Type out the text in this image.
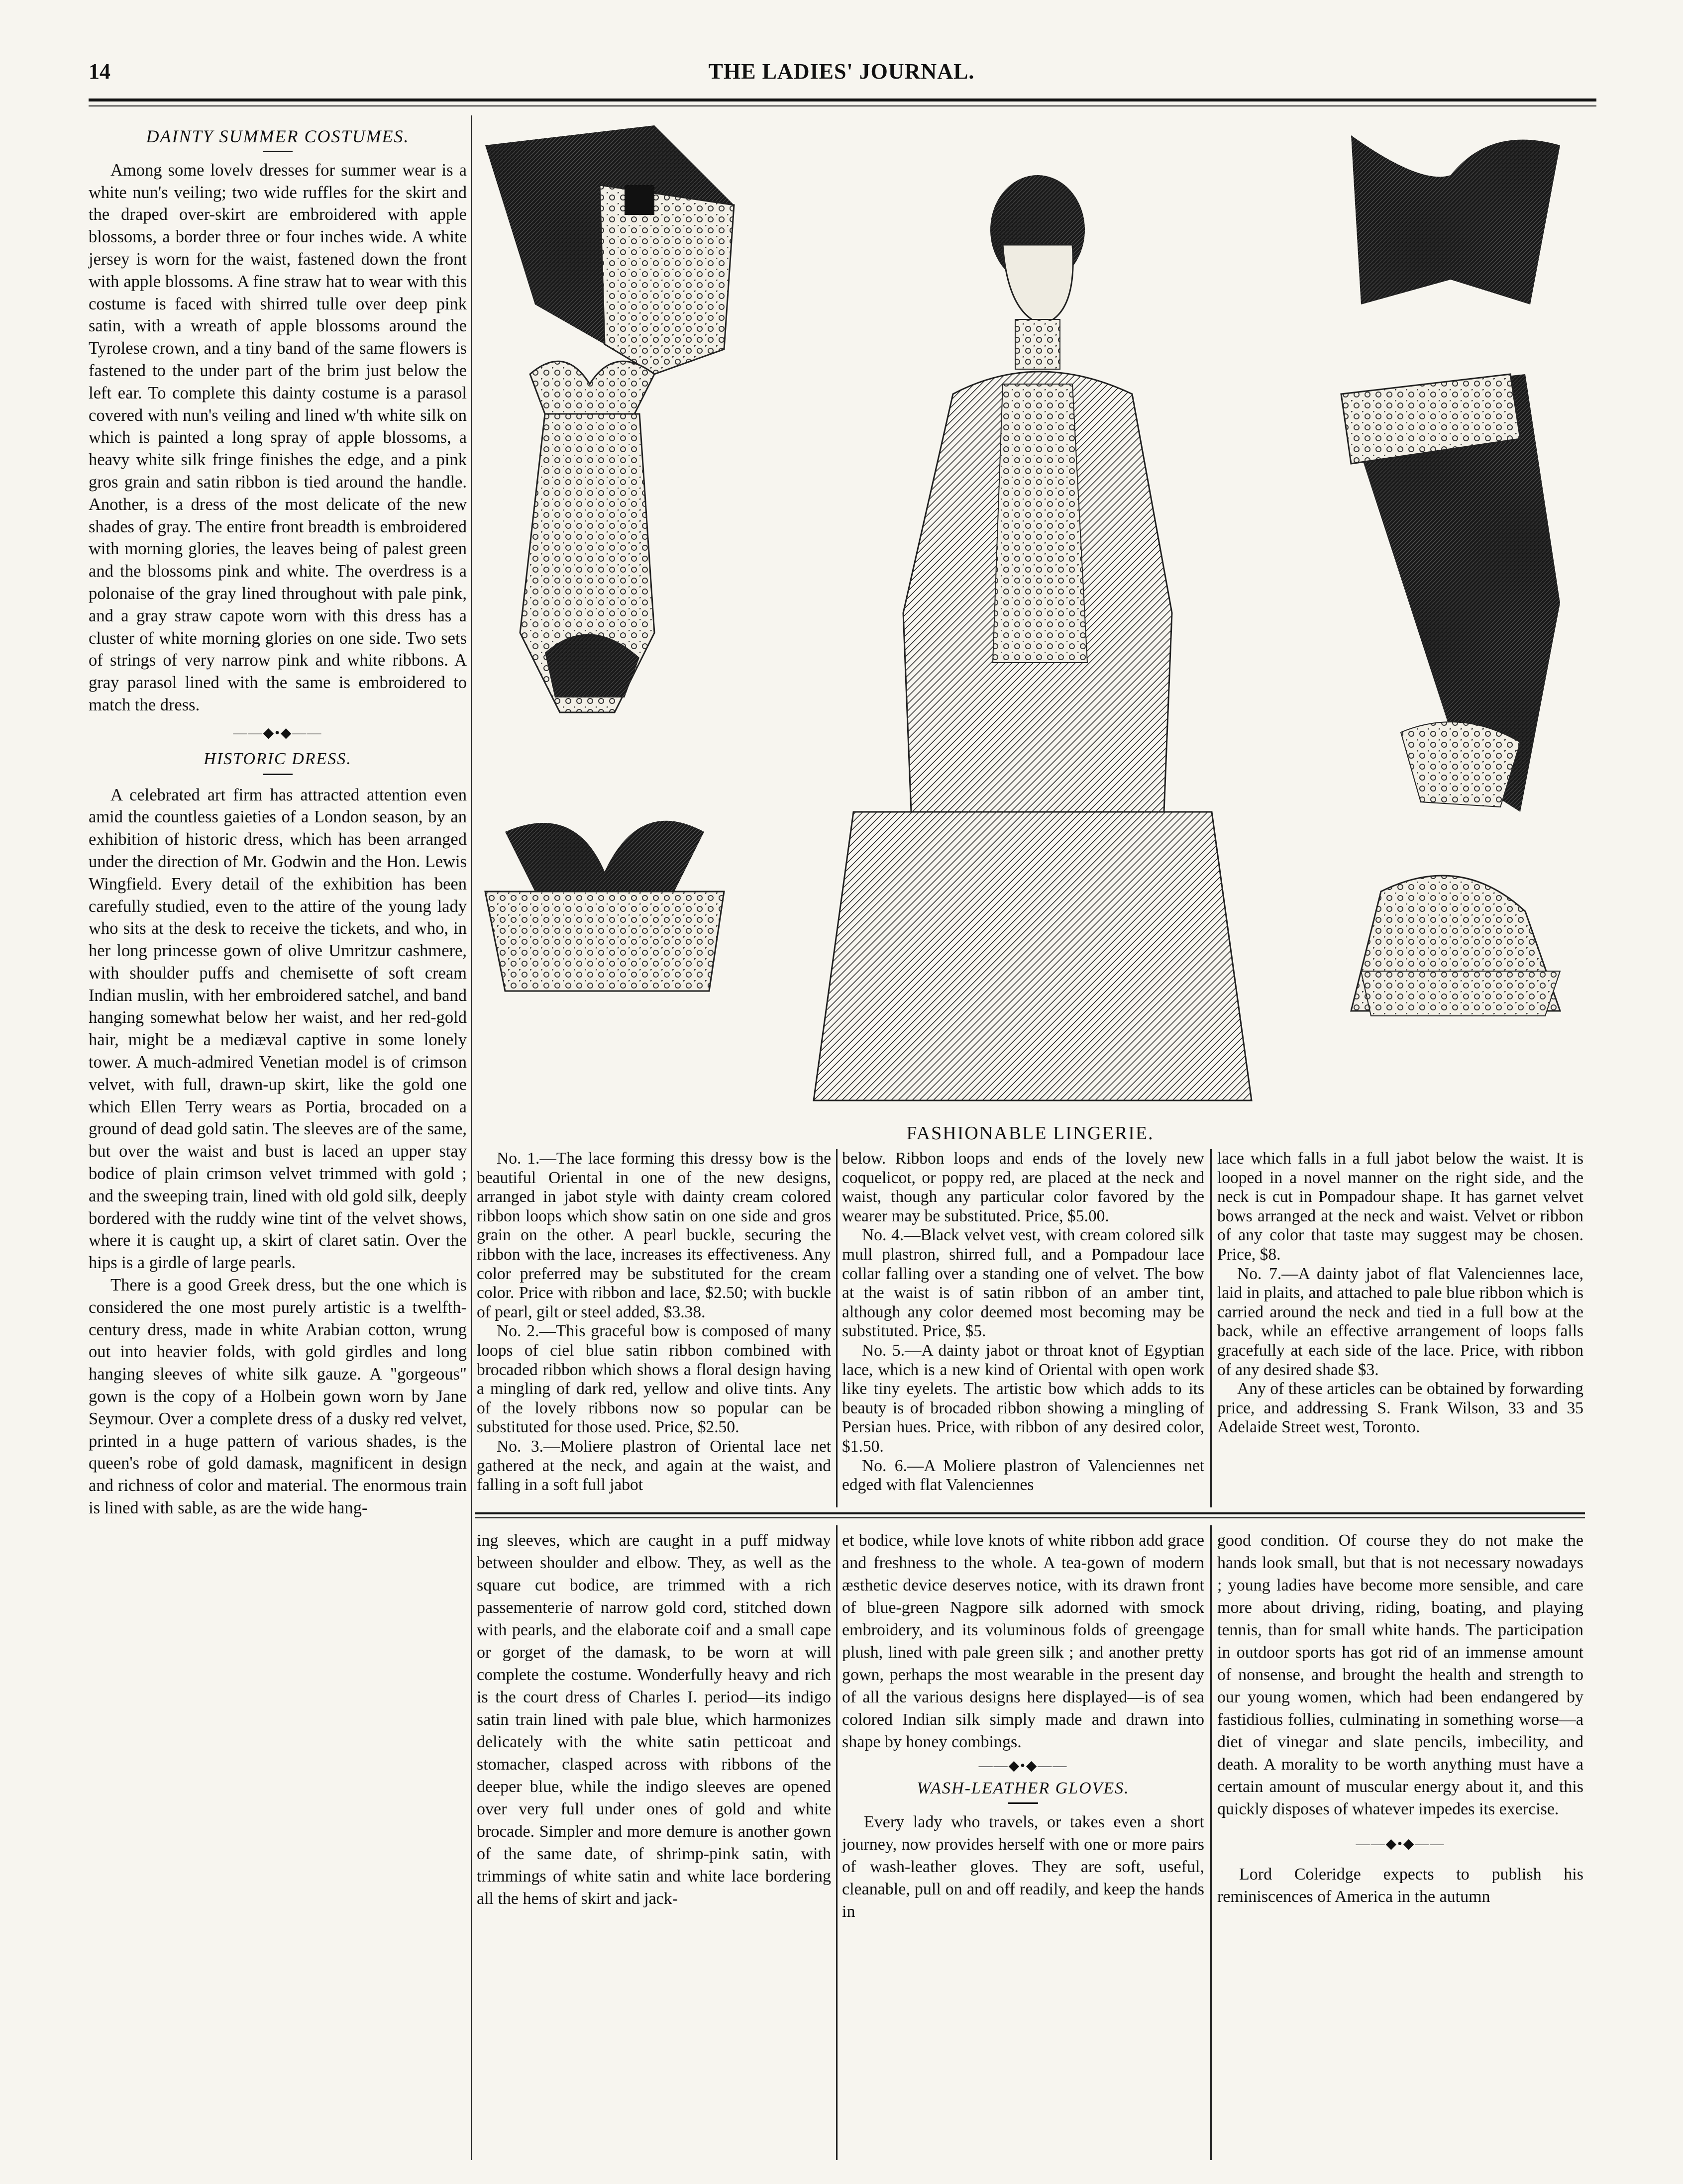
14	THE LADIES' JOURNAL.
DAINTY SUMMER COSTUMES.

Among some lovelv dresses for summer wear is a white nun's veiling; two wide ruffles for the skirt and the draped over-skirt are embroidered with apple blossoms, a border three or four inches wide. A white jersey is worn for the waist, fastened down the front with apple blossoms. A fine straw hat to wear with this costume is faced with shirred tulle over deep pink satin, with a wreath of apple blossoms around the Tyrolese crown, and a tiny band of the same flowers is fastened to the under part of the brim just below the left ear. To complete this dainty costume is a parasol covered with nun's veiling and lined w'th white silk on which is painted a long spray of apple blossoms, a heavy white silk fringe finishes the edge, and a pink gros grain and satin ribbon is tied around the handle. Another, is a dress of the most delicate of the new shades of gray. The entire front breadth is embroidered with morning glories, the leaves being of palest green and the blossoms pink and white. The overdress is a polonaise of the gray lined throughout with pale pink, and a gray straw capote worn with this dress has a cluster of white morning glories on one side. Two sets of strings of very narrow pink and white ribbons. A gray parasol lined with the same is embroidered to match the dress.

——◆•◆——
HISTORIC DRESS.

A celebrated art firm has attracted attention even amid the countless gaieties of a London season, by an exhibition of historic dress, which has been arranged under the direction of Mr. Godwin and the Hon. Lewis Wingfield. Every detail of the exhibition has been carefully studied, even to the attire of the young lady who sits at the desk to receive the tickets, and who, in her long princesse gown of olive Umritzur cashmere, with shoulder puffs and chemisette of soft cream Indian muslin, with her embroidered satchel, and band hanging somewhat below her waist, and her red-gold hair, might be a mediæval captive in some lonely tower. A much-admired Venetian model is of crimson velvet, with full, drawn-up skirt, like the gold one which Ellen Terry wears as Portia, brocaded on a ground of dead gold satin. The sleeves are of the same, but over the waist and bust is laced an upper stay bodice of plain crimson velvet trimmed with gold ; and the sweeping train, lined with old gold silk, deeply bordered with the ruddy wine tint of the velvet shows, where it is caught up, a skirt of claret satin. Over the hips is a girdle of large pearls.

There is a good Greek dress, but the one which is considered the one most purely artistic is a twelfth-century dress, made in white Arabian cotton, wrung out into heavier folds, with gold girdles and long hanging sleeves of white silk gauze. A "gorgeous" gown is the copy of a Holbein gown worn by Jane Seymour. Over a complete dress of a dusky red velvet, printed in a huge pattern of various shades, is the queen's robe of gold damask, magnificent in design and richness of color and material. The enormous train is lined with sable, as are the wide hang-

FASHIONABLE LINGERIE.

No. 1.—The lace forming this dressy bow is the beautiful Oriental in one of the new designs, arranged in jabot style with dainty cream colored ribbon loops which show satin on one side and gros grain on the other. A pearl buckle, securing the ribbon with the lace, increases its effectiveness. Any color preferred may be substituted for the cream color. Price with ribbon and lace, $2.50; with buckle of pearl, gilt or steel added, $3.38.

No. 2.—This graceful bow is composed of many loops of ciel blue satin ribbon combined with brocaded ribbon which shows a floral design having a mingling of dark red, yellow and olive tints. Any of the lovely ribbons now so popular can be substituted for those used. Price, $2.50.

No. 3.—Moliere plastron of Oriental lace net gathered at the neck, and again at the waist, and falling in a soft full jabot

below. Ribbon loops and ends of the lovely new coquelicot, or poppy red, are placed at the neck and waist, though any particular color favored by the wearer may be substituted. Price, $5.00.

No. 4.—Black velvet vest, with cream colored silk mull plastron, shirred full, and a Pompadour lace collar falling over a standing one of velvet. The bow at the waist is of satin ribbon of an amber tint, although any color deemed most becoming may be substituted. Price, $5.

No. 5.—A dainty jabot or throat knot of Egyptian lace, which is a new kind of Oriental with open work like tiny eyelets. The artistic bow which adds to its beauty is of brocaded ribbon showing a mingling of Persian hues. Price, with ribbon of any desired color, $1.50.

No. 6.—A Moliere plastron of Valenciennes net edged with flat Valenciennes

lace which falls in a full jabot below the waist. It is looped in a novel manner on the right side, and the neck is cut in Pompadour shape. It has garnet velvet bows arranged at the neck and waist. Velvet or ribbon of any color that taste may suggest may be chosen. Price, $8.

No. 7.—A dainty jabot of flat Valenciennes lace, laid in plaits, and attached to pale blue ribbon which is carried around the neck and tied in a full bow at the back, while an effective arrangement of loops falls gracefully at each side of the lace. Price, with ribbon of any desired shade $3.

Any of these articles can be obtained by forwarding price, and addressing S. Frank Wilson, 33 and 35 Adelaide Street west, Toronto.

ing sleeves, which are caught in a puff midway between shoulder and elbow. They, as well as the square cut bodice, are trimmed with a rich passementerie of narrow gold cord, stitched down with pearls, and the elaborate coif and a small cape or gorget of the damask, to be worn at will complete the costume. Wonderfully heavy and rich is the court dress of Charles I. period—its indigo satin train lined with pale blue, which harmonizes delicately with the white satin petticoat and stomacher, clasped across with ribbons of the deeper blue, while the indigo sleeves are opened over very full under ones of gold and white brocade. Simpler and more demure is another gown of the same date, of shrimp-pink satin, with trimmings of white satin and white lace bordering all the hems of skirt and jack-

et bodice, while love knots of white ribbon add grace and freshness to the whole. A tea-gown of modern æsthetic device deserves notice, with its drawn front of blue-green Nagpore silk adorned with smock embroidery, and its voluminous folds of greengage plush, lined with pale green silk ; and another pretty gown, perhaps the most wearable in the present day of all the various designs here displayed—is of sea colored Indian silk simply made and drawn into shape by honey combings.

——◆•◆——
WASH-LEATHER GLOVES.

Every lady who travels, or takes even a short journey, now provides herself with one or more pairs of wash-leather gloves. They are soft, useful, cleanable, pull on and off readily, and keep the hands in

good condition. Of course they do not make the hands look small, but that is not necessary nowadays ; young ladies have become more sensible, and care more about driving, riding, boating, and playing tennis, than for small white hands. The participation in outdoor sports has got rid of an immense amount of nonsense, and brought the health and strength to our young women, which had been endangered by fastidious follies, culminating in something worse—a diet of vinegar and slate pencils, imbecility, and death. A morality to be worth anything must have a certain amount of muscular energy about it, and this quickly disposes of whatever impedes its exercise.

——◆•◆——

Lord Coleridge expects to publish his reminiscences of America in the autumn
